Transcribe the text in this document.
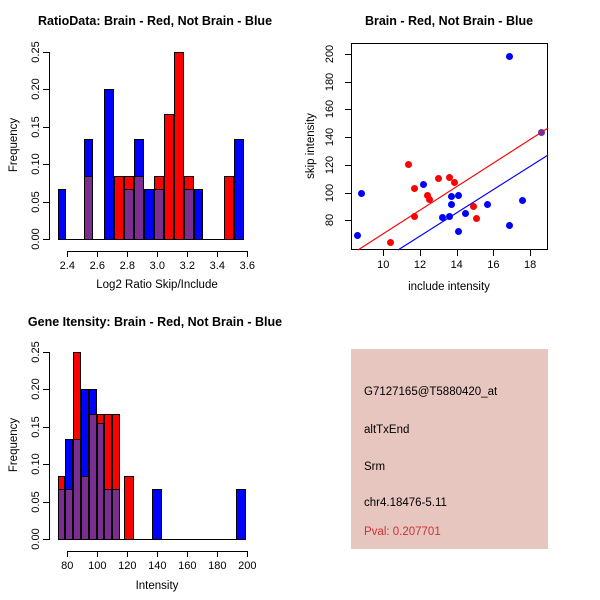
RatioData: Brain - Red, Not Brain - Blue
Frequency
Log2 Ratio Skip/Include
Brain - Red, Not Brain - Blue
skip intensity
include intensity
Gene Itensity: Brain - Red, Not Brain - Blue
Frequency
Intensity
0.00
0.05
0.10
0.15
0.20
0.25
2.4 2.6 2.8 3.0 3.2 3.4 3.6
80
100
120
140
160
180
200
10 12 14 16 18
0.00
0.05
0.10
0.15
0.20
0.25
80 100 120 140 160 180 200
G7127165@T5880420_at
altTxEnd
Srm
chr4.18476-5.11
Pval: 0.207701
